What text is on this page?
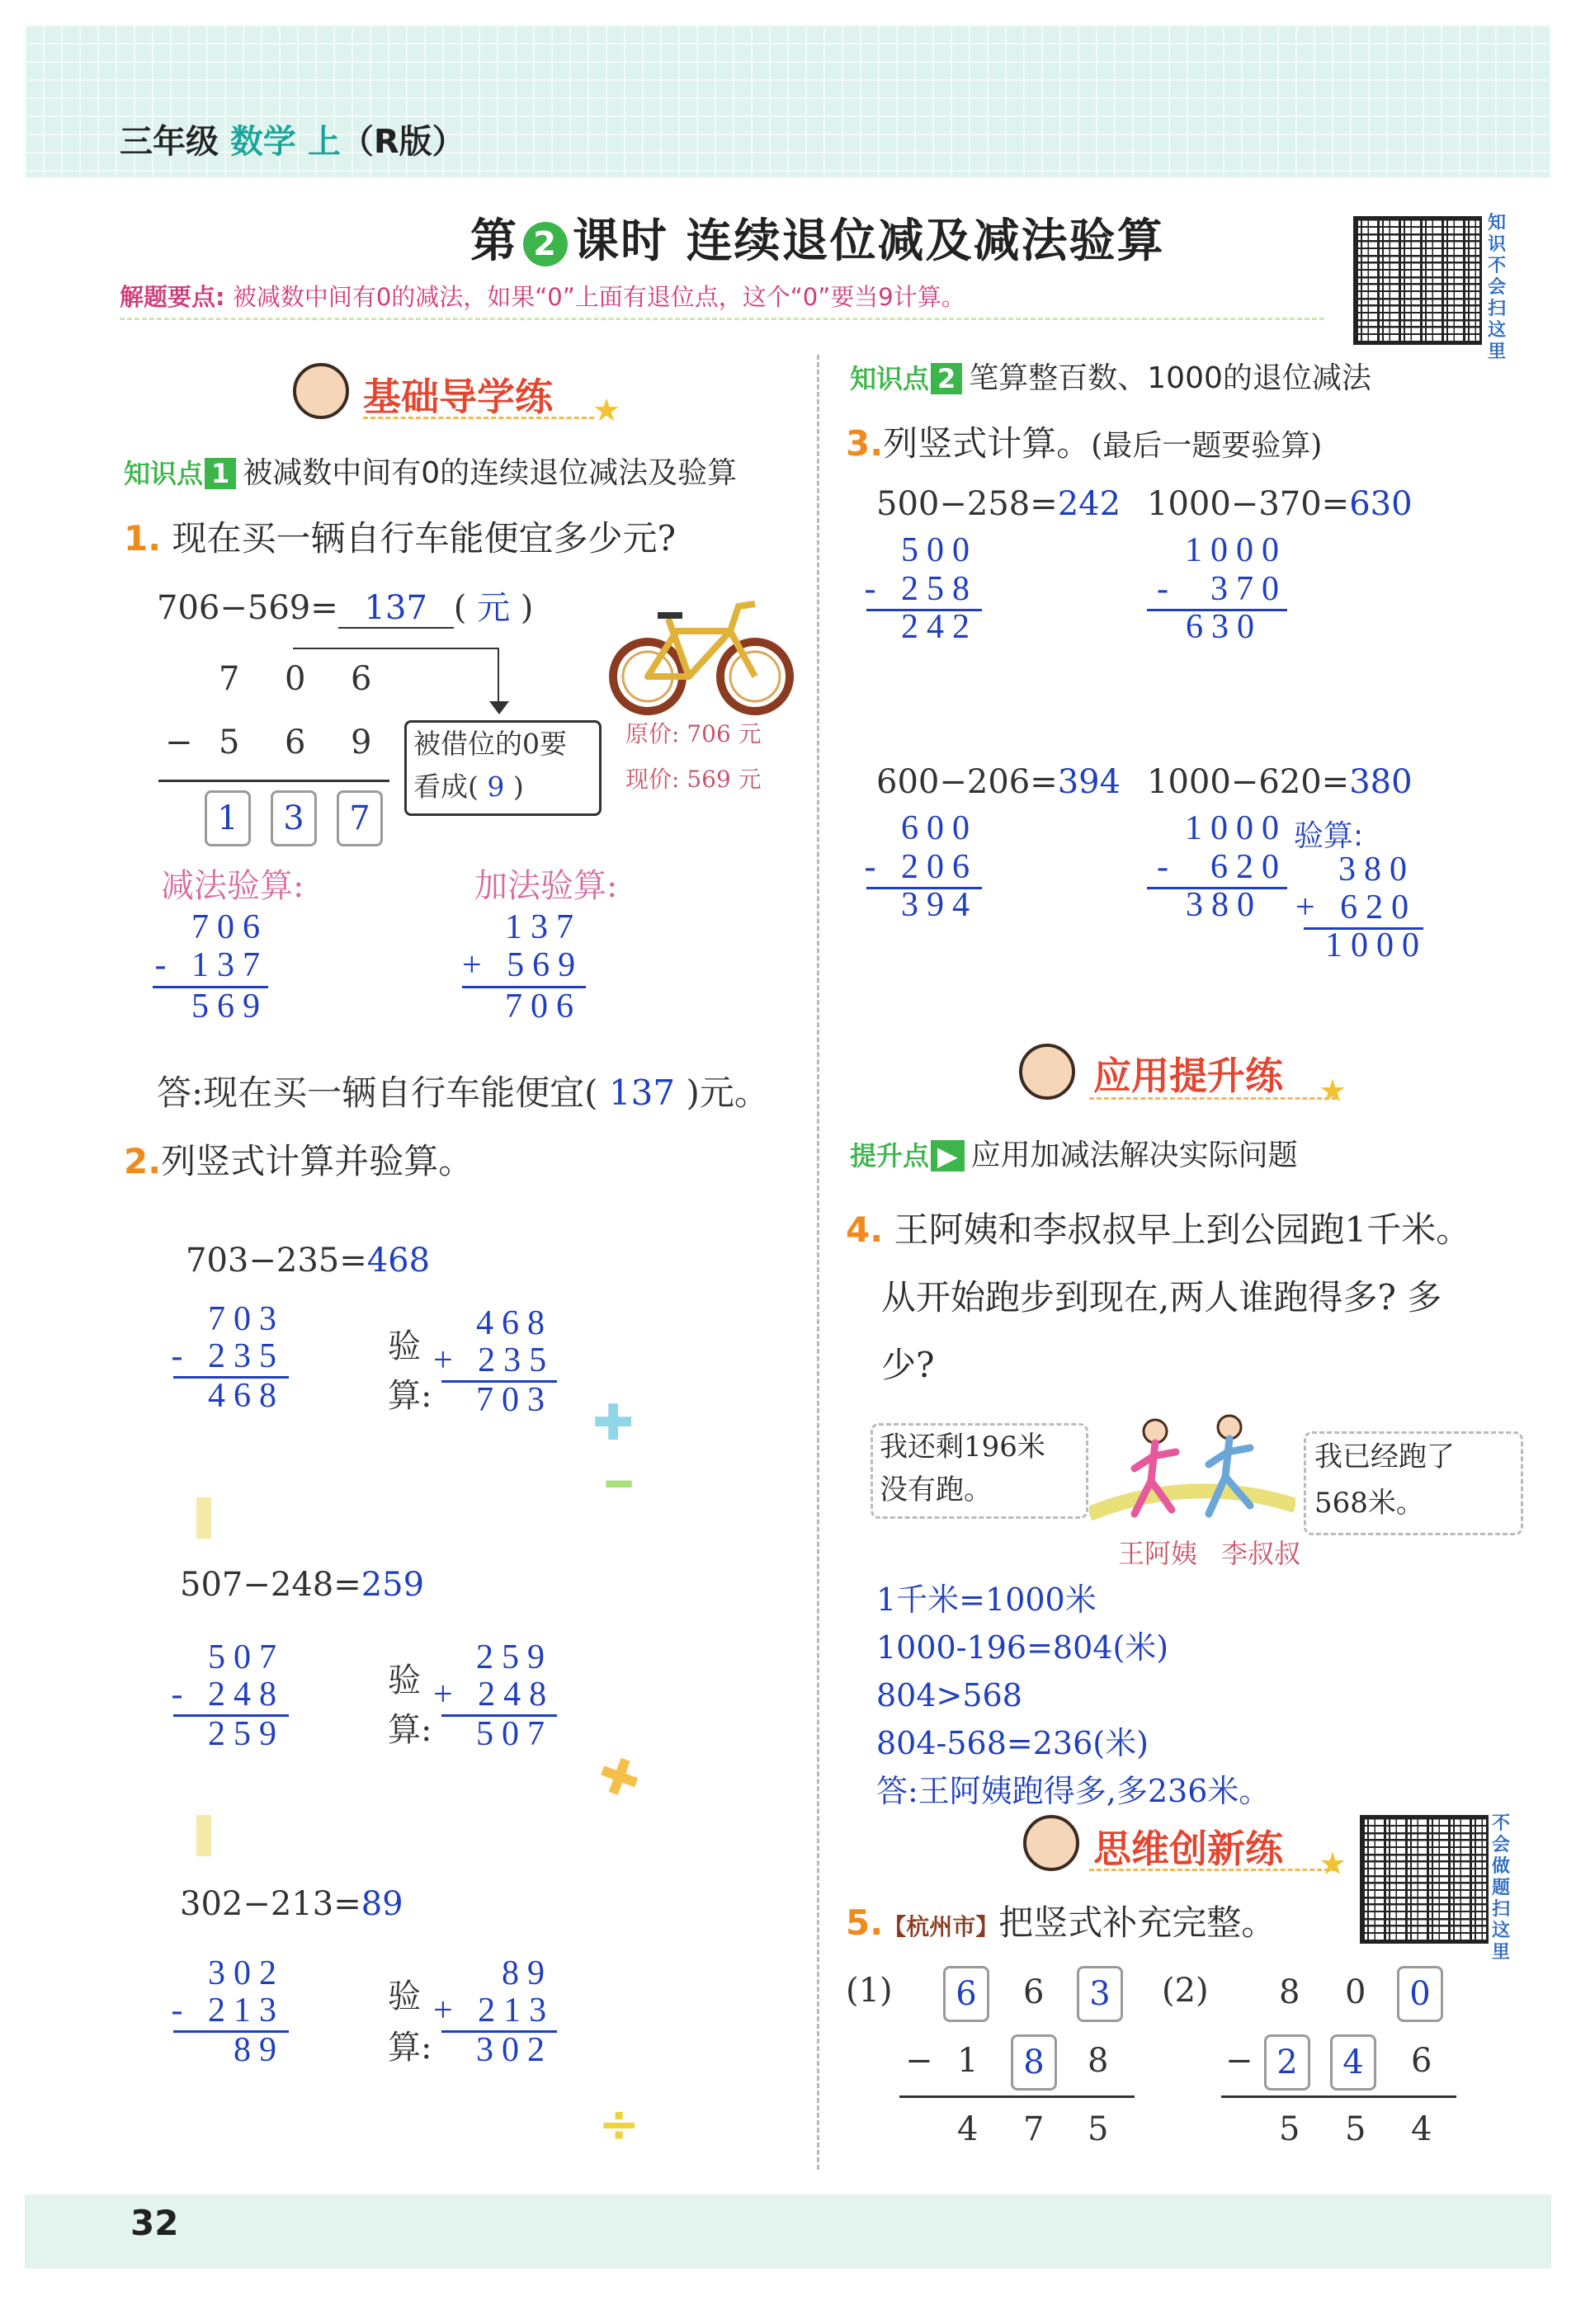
三年级 数学 上（R版）
第 2 课时 连续退位减及减法验算
解题要点: 被减数中间有0的减法，如果“0”上面有退位点，这个“0”要当9计算。
知
识
不
会
扫
这
里
基础导学练 ★
知识点 1 被减数中间有0的连续退位减法及验算
1. 现在买一辆自行车能便宜多少元?
706−569= 137 ( 元 )
7 0 6
− 5 6 9
1	3	7
被借位的0要
看成( 9 )
原价: 706 元
现价: 569 元
减法验算:	加法验算:
706
- 137
569
137
+ 569
706
答:现在买一辆自行车能便宜( 137 )元。
2.列竖式计算并验算。
703−235=468
703
- 235
468
验
算:
468
+ 235
703
507−248=259
507
- 248
259
验
算:
259
+ 248
507
302−213=89
302
- 213
89
验
算:
89
+ 213
302
✚
━
✚
÷
知识点 2 笔算整百数、1000的退位减法
3.列竖式计算。(最后一题要验算)
500−258=242
500
- 258
242
1000−370=630
1000
-  370
630
600−206=394
600
- 206
394
1000−620=380
1000
-  620
380
验算:
380
+ 620
1000
应用提升练 ★
提升点 ▶ 应用加减法解决实际问题
4. 王阿姨和李叔叔早上到公园跑1千米。
从开始跑步到现在,两人谁跑得多? 多
少?
我还剩196米
没有跑。
我已经跑了
568米。
王阿姨 李叔叔
1千米=1000米
1000-196=804(米)
804>568
804-568=236(米)
答:王阿姨跑得多,多236米。
思维创新练 ★
不
会
做
题
扫
这
里
5.【杭州市】把竖式补充完整。
(1)	6	6	3
− 1	8	8
4 7 5
(2) 8 0	0
− 2	4	6
5 5 4
32
